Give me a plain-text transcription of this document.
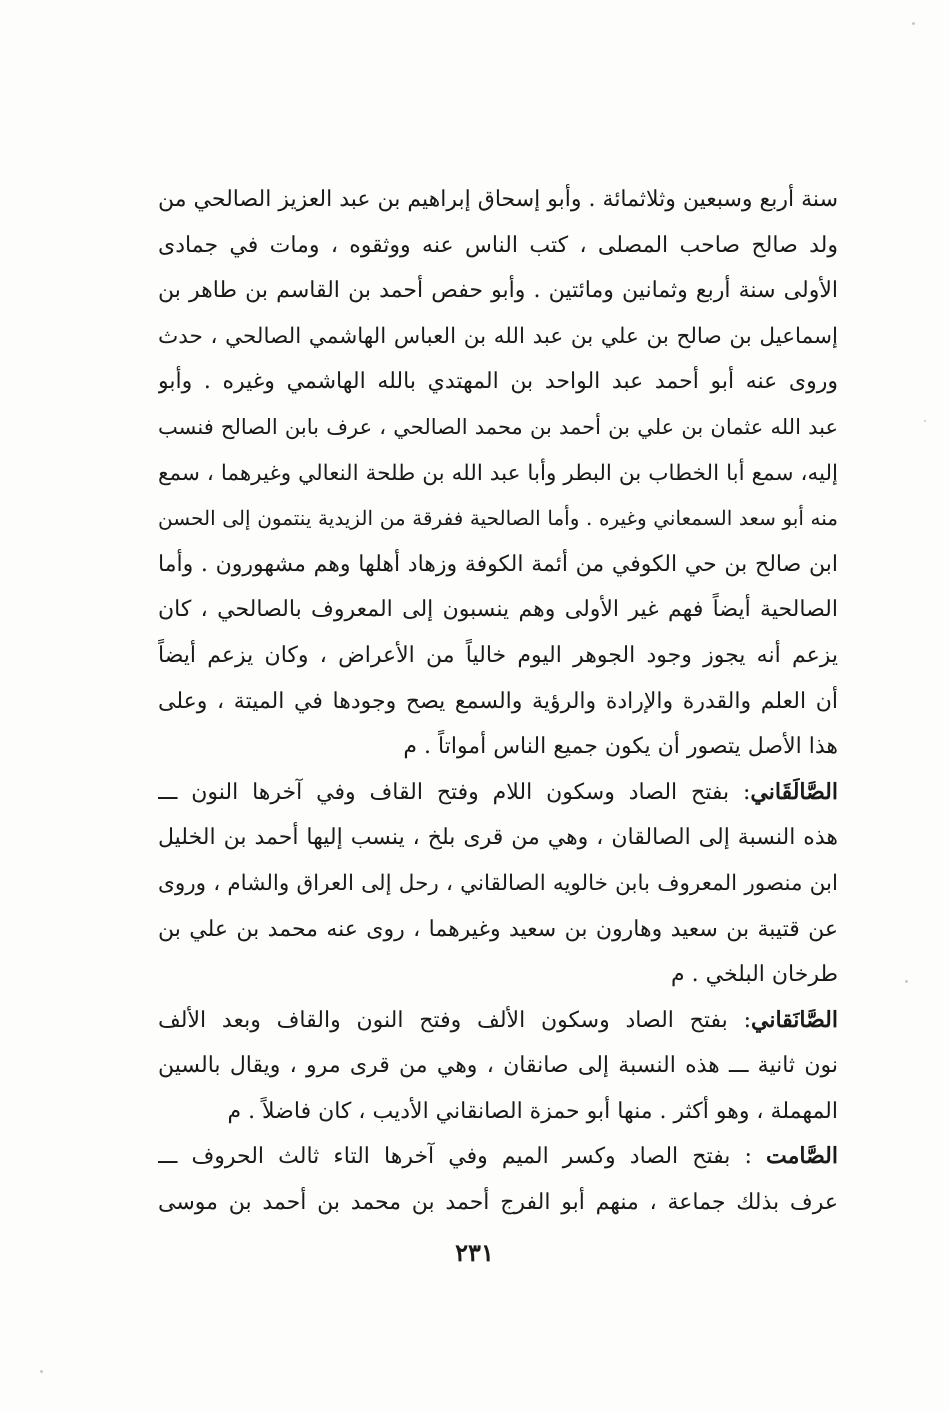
سنة أربع وسبعين وثلاثمائة . وأبو إسحاق إبراهيم بن عبد العزيز الصالحي من
ولد صالح صاحب المصلى ، كتب الناس عنه ووثقوه ، ومات في جمادى
الأولى سنة أربع وثمانين ومائتين . وأبو حفص أحمد بن القاسم بن طاهر بن
إسماعيل بن صالح بن علي بن عبد الله بن العباس الهاشمي الصالحي ، حدث
وروى عنه أبو أحمد عبد الواحد بن المهتدي بالله الهاشمي وغيره . وأبو
عبد الله عثمان بن علي بن أحمد بن محمد الصالحي ، عرف بابن الصالح فنسب
إليه، سمع أبا الخطاب بن البطر وأبا عبد الله بن طلحة النعالي وغيرهما ، سمع
منه أبو سعد السمعاني وغيره . وأما الصالحية ففرقة من الزيدية ينتمون إلى الحسن
ابن صالح بن حي الكوفي من أئمة الكوفة وزهاد أهلها وهم مشهورون . وأما
الصالحية أيضاً فهم غير الأولى وهم ينسبون إلى المعروف بالصالحي ، كان
يزعم أنه يجوز وجود الجوهر اليوم خالياً من الأعراض ، وكان يزعم أيضاً
أن العلم والقدرة والإرادة والرؤية والسمع يصح وجودها في الميتة ، وعلى
هذا الأصل يتصور أن يكون جميع الناس أمواتاً . م
الصَّالَقَاني: بفتح الصاد وسكون اللام وفتح القاف وفي آخرها النون ـــ
هذه النسبة إلى الصالقان ، وهي من قرى بلخ ، ينسب إليها أحمد بن الخليل
ابن منصور المعروف بابن خالويه الصالقاني ، رحل إلى العراق والشام ، وروى
عن قتيبة بن سعيد وهارون بن سعيد وغيرهما ، روى عنه محمد بن علي بن
طرخان البلخي . م
الصَّانَقاني: بفتح الصاد وسكون الألف وفتح النون والقاف وبعد الألف
نون ثانية ـــ هذه النسبة إلى صانقان ، وهي من قرى مرو ، ويقال بالسين
المهملة ، وهو أكثر . منها أبو حمزة الصانقاني الأديب ، كان فاضلاً . م
الصَّامت : بفتح الصاد وكسر الميم وفي آخرها التاء ثالث الحروف ـــ
عرف بذلك جماعة ، منهم أبو الفرج أحمد بن محمد بن أحمد بن موسى
٢٣١
